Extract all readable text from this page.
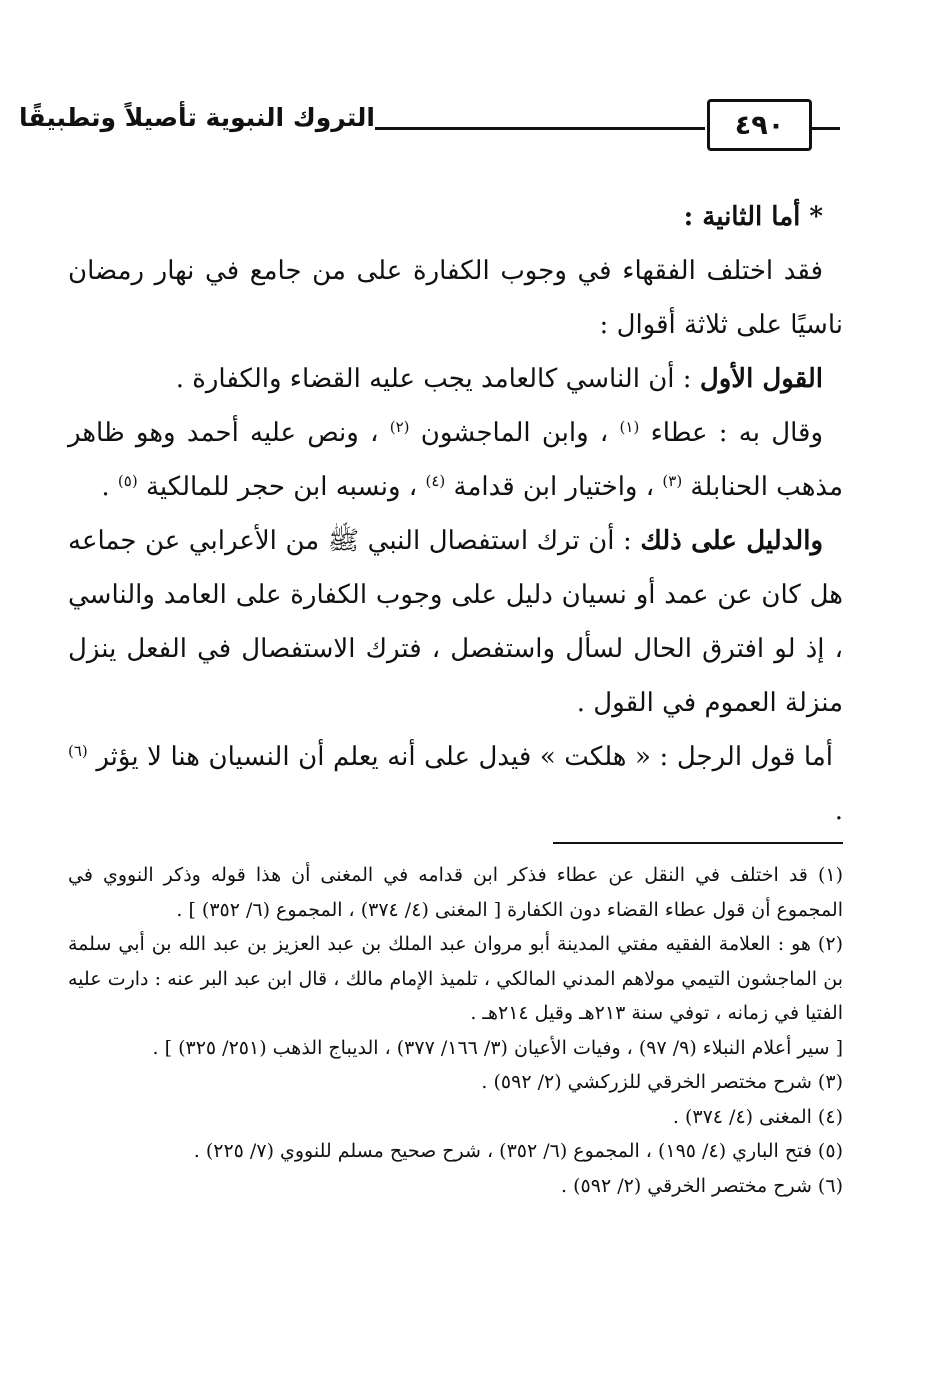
٤٩٠
التروك النبوية تأصيلاً وتطبيقًا

* أما الثانية :

فقد اختلف الفقهاء في وجوب الكفارة على من جامع في نهار رمضان ناسيًا على ثلاثة أقوال :

القول الأول : أن الناسي كالعامد يجب عليه القضاء والكفارة .

وقال به : عطاء $^{(١)}$ ، وابن الماجشون $^{(٢)}$ ، ونص عليه أحمد وهو ظاهر مذهب الحنابلة $^{(٣)}$ ، واختيار ابن قدامة $^{(٤)}$ ، ونسبه ابن حجر للمالكية $^{(٥)}$ .

والدليل على ذلك : أن ترك استفصال النبي ﷺ من الأعرابي عن جماعه هل كان عن عمد أو نسيان دليل على وجوب الكفارة على العامد والناسي ، إذ لو افترق الحال لسأل واستفصل ، فترك الاستفصال في الفعل ينزل منزلة العموم في القول .

أما قول الرجل : « هلكت » فيدل على أنه يعلم أن النسيان هنا لا يؤثر $^{(٦)}$ .

(١) قد اختلف في النقل عن عطاء فذكر ابن قدامه في المغنى أن هذا قوله وذكر النووي في المجموع أن قول عطاء القضاء دون الكفارة [ المغنى (٤/ ٣٧٤) ، المجموع (٦/ ٣٥٢) ] .

(٢) هو : العلامة الفقيه مفتي المدينة أبو مروان عبد الملك بن عبد العزيز بن عبد الله بن أبي سلمة بن الماجشون التيمي مولاهم المدني المالكي ، تلميذ الإمام مالك ، قال ابن عبد البر عنه : دارت عليه الفتيا في زمانه ، توفي سنة ٢١٣هـ وقيل ٢١٤هـ .

[ سير أعلام النبلاء (٩/ ٩٧) ، وفيات الأعيان (٣/ ١٦٦/ ٣٧٧) ، الديباج الذهب (٢٥١/ ٣٢٥) ] .

(٣) شرح مختصر الخرقي للزركشي (٢/ ٥٩٢) .

(٤) المغنى (٤/ ٣٧٤) .

(٥) فتح الباري (٤/ ١٩٥) ، المجموع (٦/ ٣٥٢) ، شرح صحيح مسلم للنووي (٧/ ٢٢٥) .

(٦) شرح مختصر الخرقي (٢/ ٥٩٢) .
